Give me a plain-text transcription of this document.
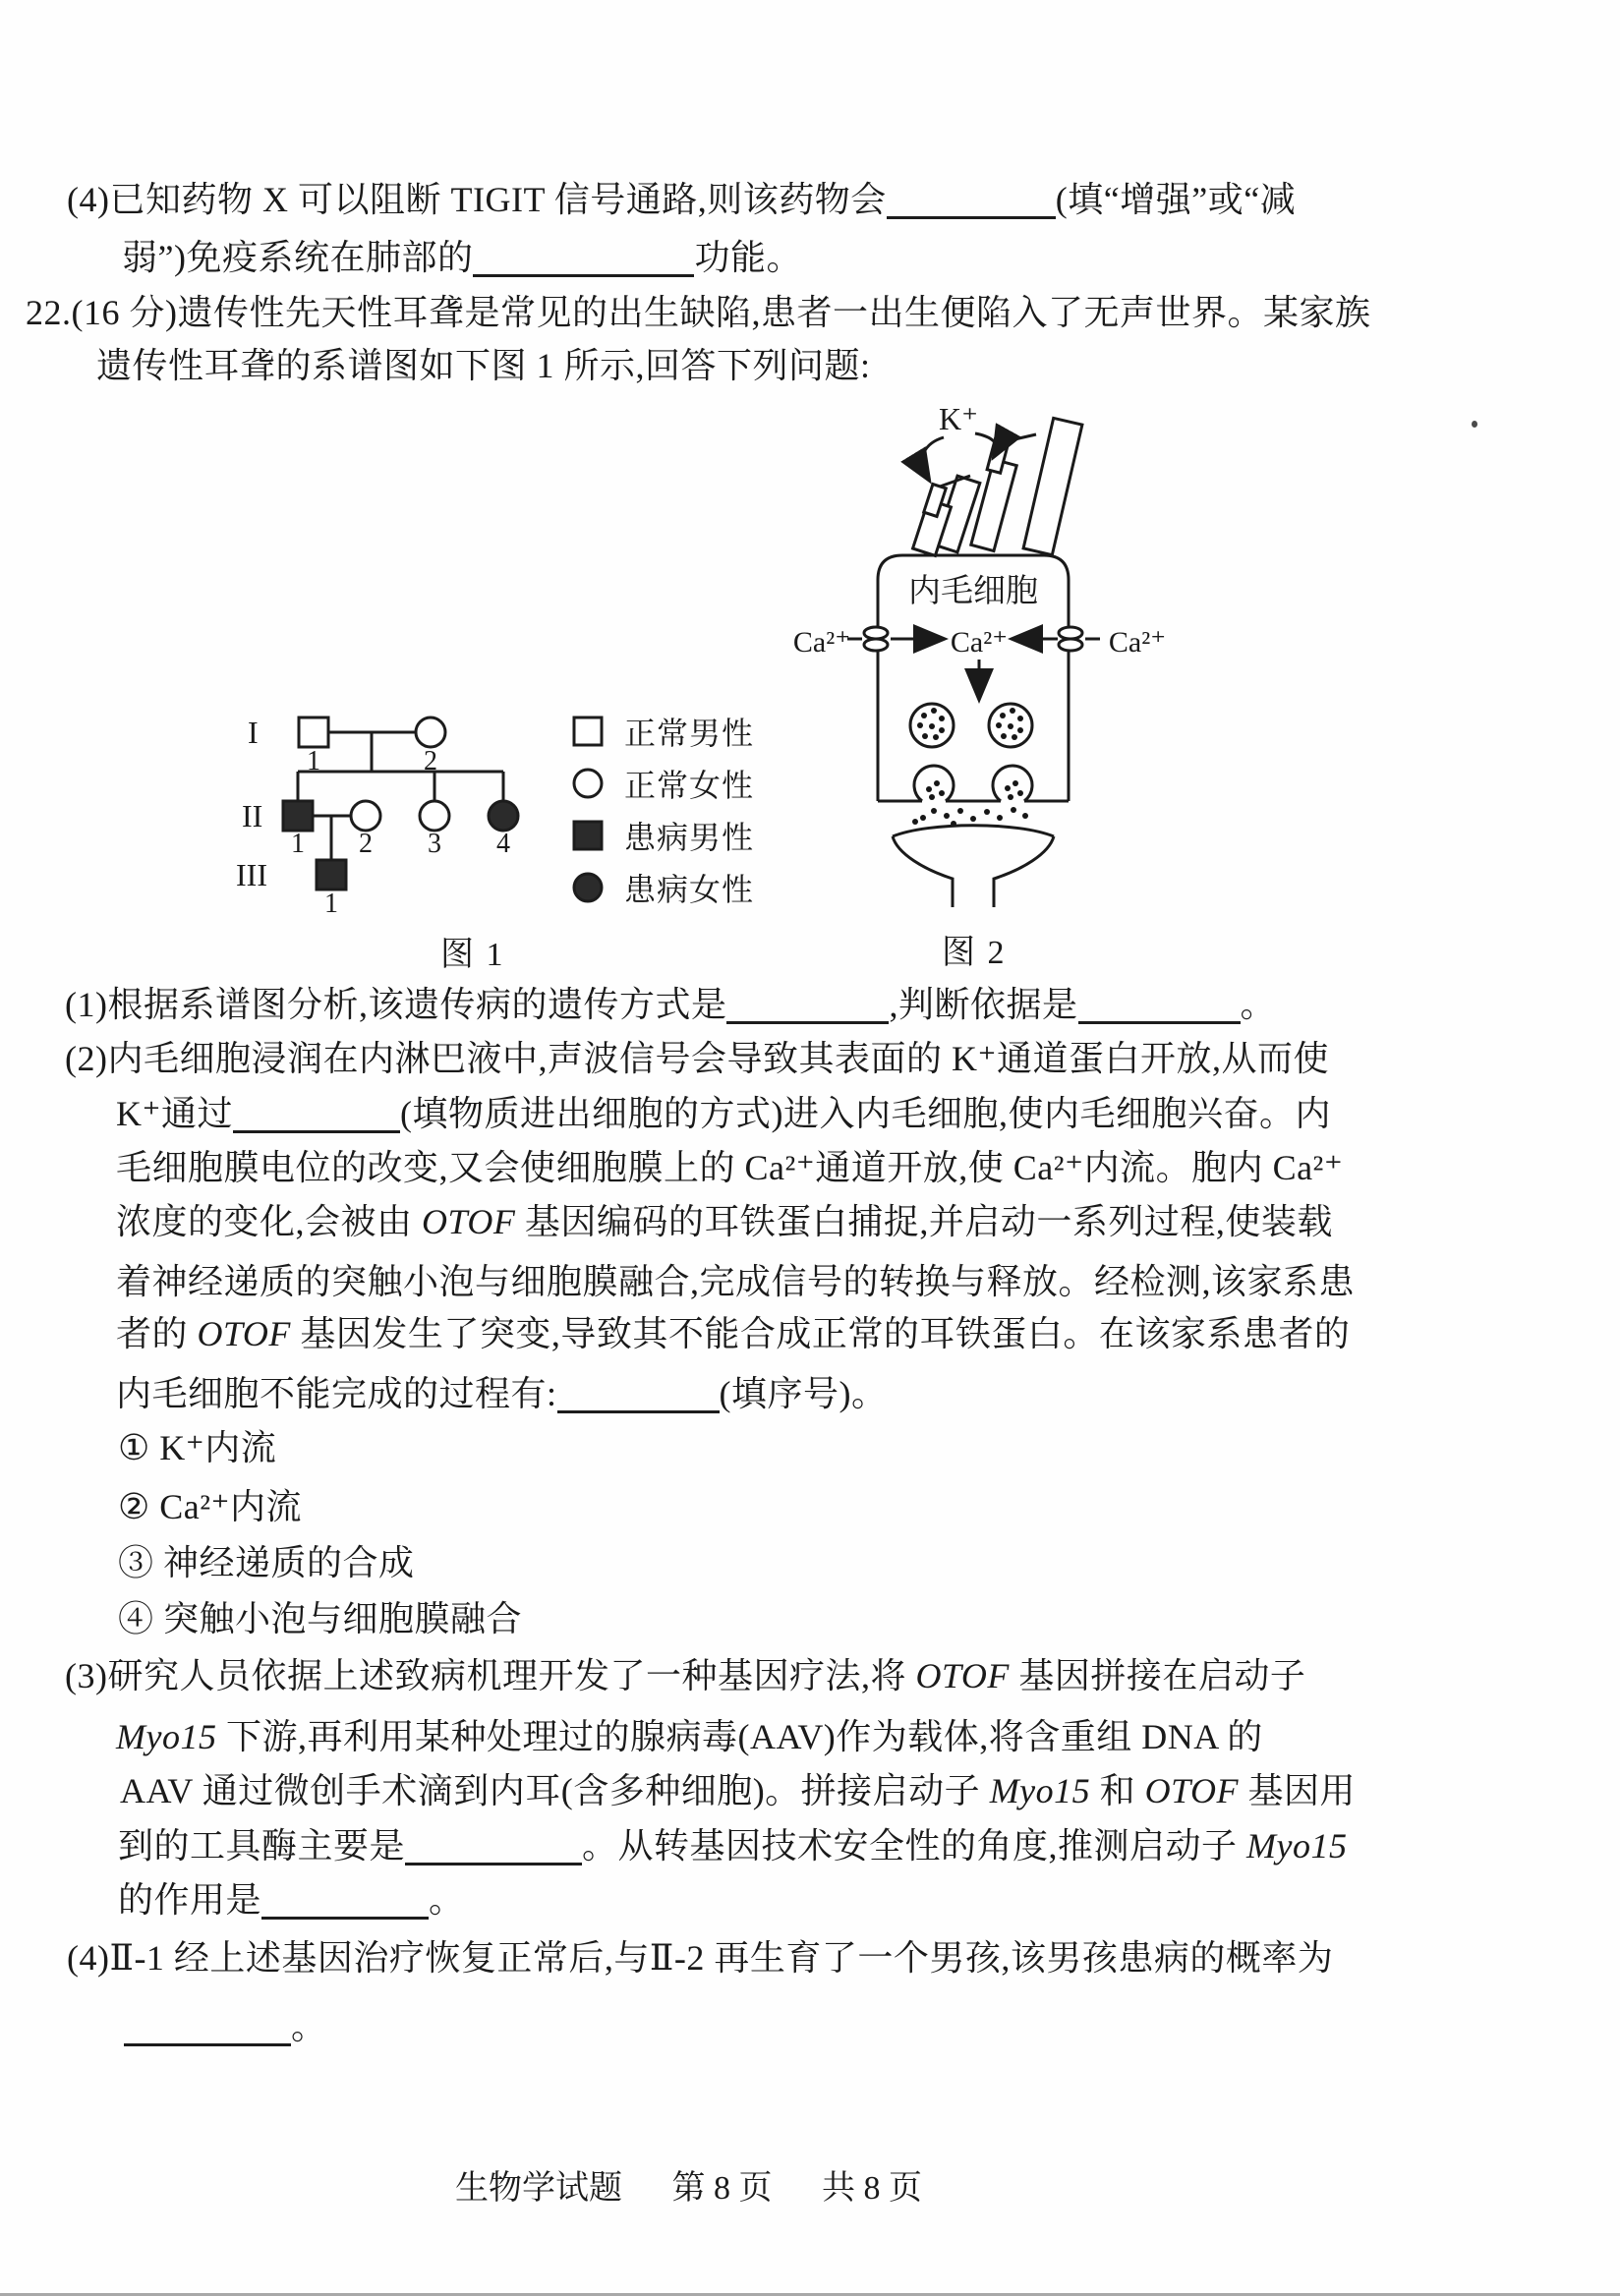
(4)已知药物 X 可以阻断 TIGIT 信号通路,则该药物会	(填“增强”或“减
弱”)免疫系统在肺部的	功能。
22.(16 分)遗传性先天性耳聋是常见的出生缺陷,患者一出生便陷入了无声世界。某家族
遗传性耳聋的系谱图如下图 1 所示,回答下列问题:
I
II
III
1	2
1 2 3 4
1
正常男性
正常女性
患病男性
患病女性
图 1
K⁺
内毛细胞
Ca²⁺	Ca²⁺	Ca²⁺
图 2
(1)根据系谱图分析,该遗传病的遗传方式是	,判断依据是	。
(2)内毛细胞浸润在内淋巴液中,声波信号会导致其表面的 K⁺通道蛋白开放,从而使
K⁺通过	(填物质进出细胞的方式)进入内毛细胞,使内毛细胞兴奋。内
毛细胞膜电位的改变,又会使细胞膜上的 Ca²⁺通道开放,使 Ca²⁺内流。胞内 Ca²⁺
浓度的变化,会被由 OTOF 基因编码的耳铁蛋白捕捉,并启动一系列过程,使装载
着神经递质的突触小泡与细胞膜融合,完成信号的转换与释放。经检测,该家系患
者的 OTOF 基因发生了突变,导致其不能合成正常的耳铁蛋白。在该家系患者的
内毛细胞不能完成的过程有:	(填序号)。
① K⁺内流
② Ca²⁺内流
③ 神经递质的合成
④ 突触小泡与细胞膜融合
(3)研究人员依据上述致病机理开发了一种基因疗法,将 OTOF 基因拼接在启动子
Myo15 下游,再利用某种处理过的腺病毒(AAV)作为载体,将含重组 DNA 的
AAV 通过微创手术滴到内耳(含多种细胞)。拼接启动子 Myo15 和 OTOF 基因用
到的工具酶主要是	。从转基因技术安全性的角度,推测启动子 Myo15
的作用是	。
(4)Ⅱ-1 经上述基因治疗恢复正常后,与Ⅱ-2 再生育了一个男孩,该男孩患病的概率为
。
生物学试题 第 8 页 共 8 页
